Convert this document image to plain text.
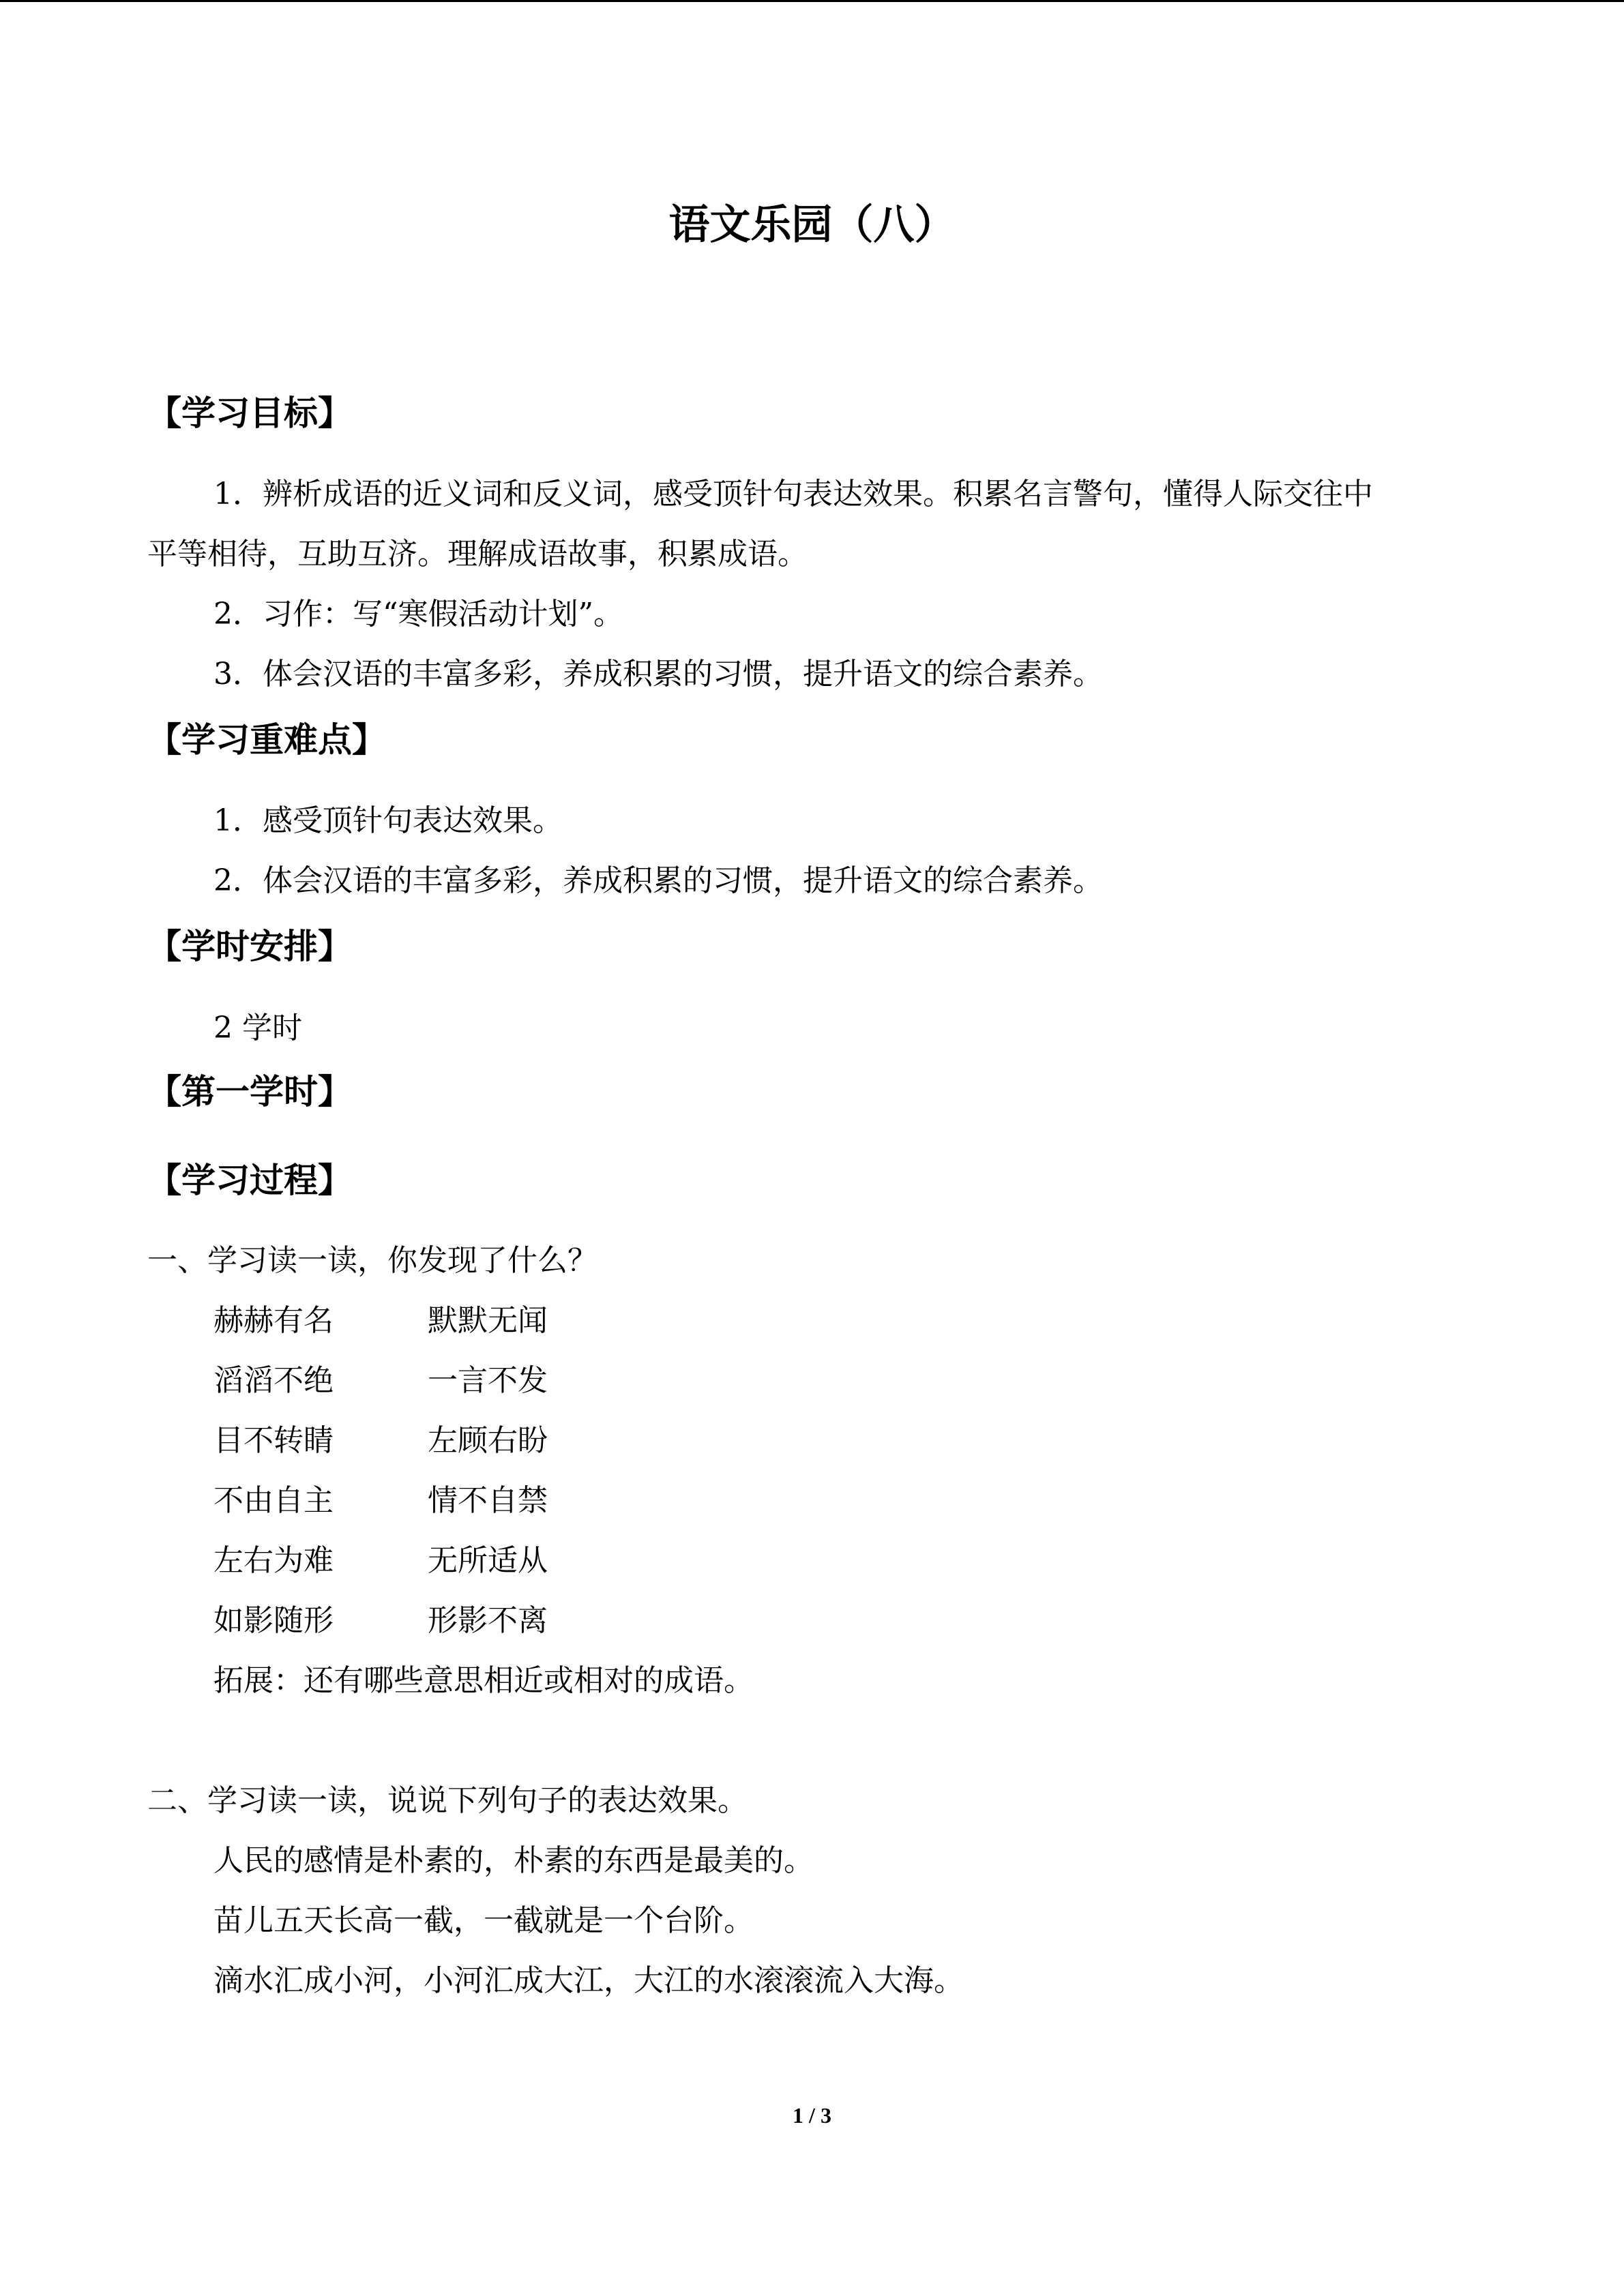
语文乐园（八）
【学习目标】
1．辨析成语的近义词和反义词，感受顶针句表达效果。积累名言警句，懂得人际交往中
平等相待，互助互济。理解成语故事，积累成语。
2．习作：写“寒假活动计划”。
3．体会汉语的丰富多彩，养成积累的习惯，提升语文的综合素养。
【学习重难点】
1．感受顶针句表达效果。
2．体会汉语的丰富多彩，养成积累的习惯，提升语文的综合素养。
【学时安排】
2 学时
【第一学时】
【学习过程】
一、学习读一读，你发现了什么？
赫赫有名	默默无闻
滔滔不绝	一言不发
目不转睛	左顾右盼
不由自主	情不自禁
左右为难	无所适从
如影随形	形影不离
拓展：还有哪些意思相近或相对的成语。
二、学习读一读，说说下列句子的表达效果。
人民的感情是朴素的，朴素的东西是最美的。
苗儿五天长高一截，一截就是一个台阶。
滴水汇成小河，小河汇成大江，大江的水滚滚流入大海。
1 / 3
